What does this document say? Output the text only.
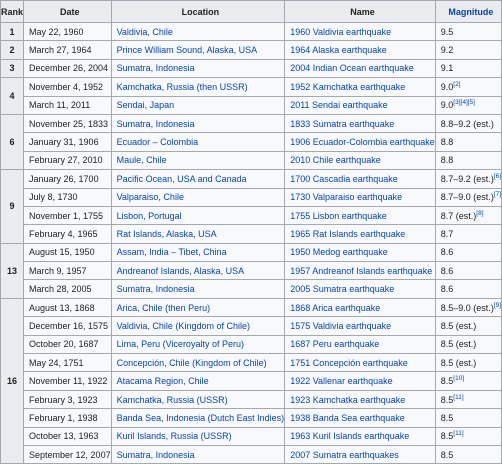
Rank	Date	Location	Name	Magnitude
1	May 22, 1960	Valdivia, Chile	1960 Valdivia earthquake	9.5
2	March 27, 1964	Prince William Sound, Alaska, USA	1964 Alaska earthquake	9.2
3	December 26, 2004	Sumatra, Indonesia	2004 Indian Ocean earthquake	9.1
4	November 4, 1952	Kamchatka, Russia (then USSR)	1952 Kamchatka earthquake	9.0[2]
	March 11, 2011	Sendai, Japan	2011 Sendai earthquake	9.0[3][4][5]
6	November 25, 1833	Sumatra, Indonesia	1833 Sumatra earthquake	8.8–9.2 (est.)
	January 31, 1906	Ecuador – Colombia	1906 Ecuador-Colombia earthquake	8.8
	February 27, 2010	Maule, Chile	2010 Chile earthquake	8.8
9	January 26, 1700	Pacific Ocean, USA and Canada	1700 Cascadia earthquake	8.7–9.2 (est.)[6]
	July 8, 1730	Valparaiso, Chile	1730 Valparaiso earthquake	8.7–9.0 (est.)[7]
	November 1, 1755	Lisbon, Portugal	1755 Lisbon earthquake	8.7 (est.)[8]
	February 4, 1965	Rat Islands, Alaska, USA	1965 Rat Islands earthquake	8.7
13	August 15, 1950	Assam, India – Tibet, China	1950 Medog earthquake	8.6
	March 9, 1957	Andreanof Islands, Alaska, USA	1957 Andreanof Islands earthquake	8.6
	March 28, 2005	Sumatra, Indonesia	2005 Sumatra earthquake	8.6
16	August 13, 1868	Arica, Chile (then Peru)	1868 Arica earthquake	8.5–9.0 (est.)[9]
	December 16, 1575	Valdivia, Chile (Kingdom of Chile)	1575 Valdivia earthquake	8.5 (est.)
	October 20, 1687	Lima, Peru (Viceroyalty of Peru)	1687 Peru earthquake	8.5 (est.)
	May 24, 1751	Concepción, Chile (Kingdom of Chile)	1751 Concepción earthquake	8.5 (est.)
	November 11, 1922	Atacama Region, Chile	1922 Vallenar earthquake	8.5[10]
	February 3, 1923	Kamchatka, Russia (USSR)	1923 Kamchatka earthquake	8.5[11]
	February 1, 1938	Banda Sea, Indonesia (Dutch East Indies)	1938 Banda Sea earthquake	8.5
	October 13, 1963	Kuril Islands, Russia (USSR)	1963 Kuril Islands earthquake	8.5[11]
	September 12, 2007	Sumatra, Indonesia	2007 Sumatra earthquakes	8.5
